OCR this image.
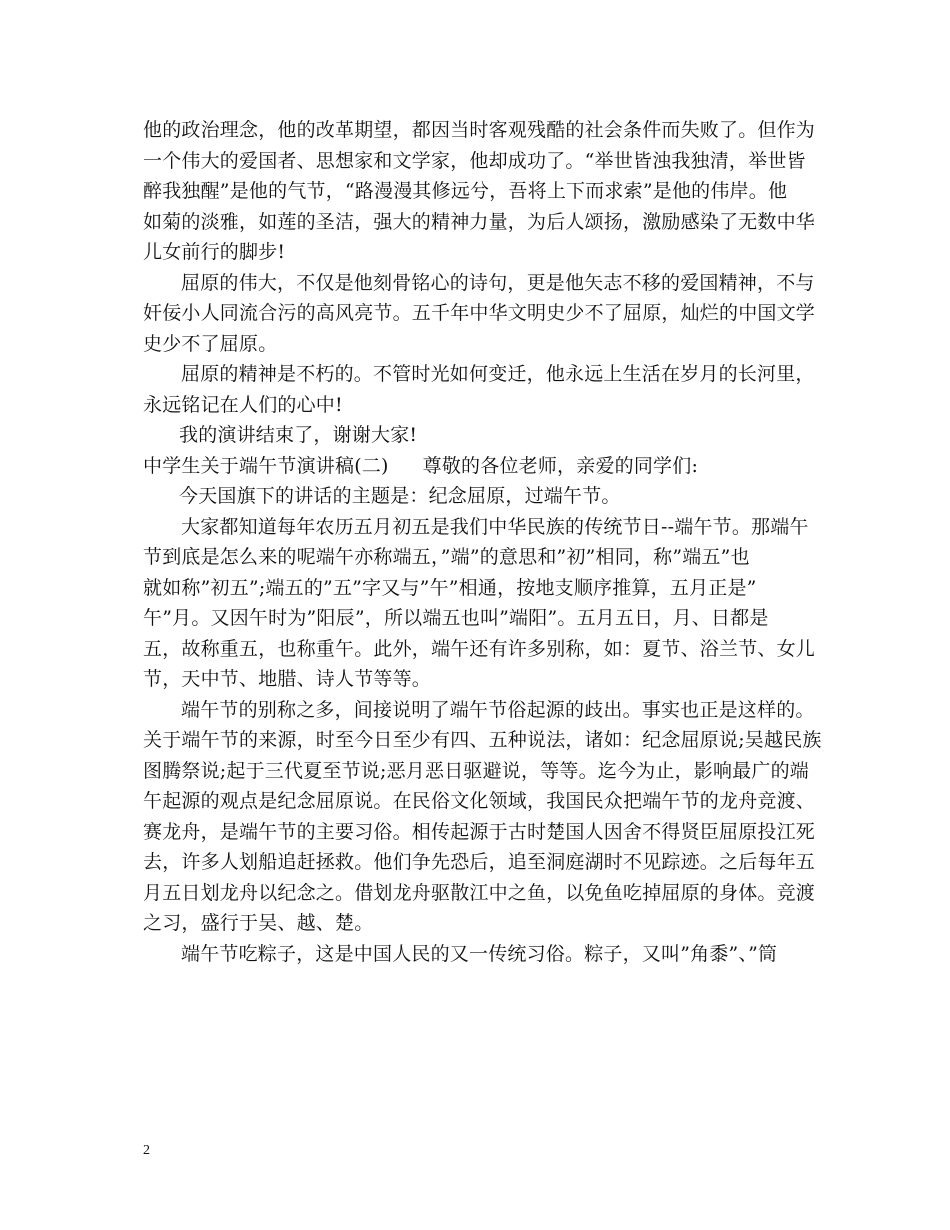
他的政治理念，他的改革期望，都因当时客观残酷的社会条件而失败了。但作为
一个伟大的爱国者、思想家和文学家，他却成功了。“举世皆浊我独清，举世皆
醉我独醒”是他的气节，“路漫漫其修远兮，吾将上下而求索”是他的伟岸。他
如菊的淡雅，如莲的圣洁，强大的精神力量，为后人颂扬，激励感染了无数中华
儿女前行的脚步!
屈原的伟大，不仅是他刻骨铭心的诗句，更是他矢志不移的爱国精神，不与
奸佞小人同流合污的高风亮节。五千年中华文明史少不了屈原，灿烂的中国文学
史少不了屈原。
屈原的精神是不朽的。不管时光如何变迁，他永远上生活在岁月的长河里，
永远铭记在人们的心中!
我的演讲结束了，谢谢大家!
中学生关于端午节演讲稿(二) 尊敬的各位老师，亲爱的同学们:
今天国旗下的讲话的主题是：纪念屈原，过端午节。
大家都知道每年农历五月初五是我们中华民族的传统节日--端午节。那端午
节到底是怎么来的呢端午亦称端五，”端”的意思和”初”相同，称”端五”也
就如称”初五”;端五的”五”字又与”午”相通，按地支顺序推算，五月正是”
午”月。又因午时为”阳辰”，所以端五也叫”端阳”。五月五日，月、日都是
五，故称重五，也称重午。此外，端午还有许多别称，如：夏节、浴兰节、女儿
节，天中节、地腊、诗人节等等。
端午节的别称之多，间接说明了端午节俗起源的歧出。事实也正是这样的。
关于端午节的来源，时至今日至少有四、五种说法，诸如：纪念屈原说;吴越民族
图腾祭说;起于三代夏至节说;恶月恶日驱避说，等等。迄今为止，影响最广的端
午起源的观点是纪念屈原说。在民俗文化领域，我国民众把端午节的龙舟竞渡、
赛龙舟，是端午节的主要习俗。相传起源于古时楚国人因舍不得贤臣屈原投江死
去，许多人划船追赶拯救。他们争先恐后，追至洞庭湖时不见踪迹。之后每年五
月五日划龙舟以纪念之。借划龙舟驱散江中之鱼，以免鱼吃掉屈原的身体。竞渡
之习，盛行于吴、越、楚。
端午节吃粽子，这是中国人民的又一传统习俗。粽子，又叫”角黍”、”筒
2
